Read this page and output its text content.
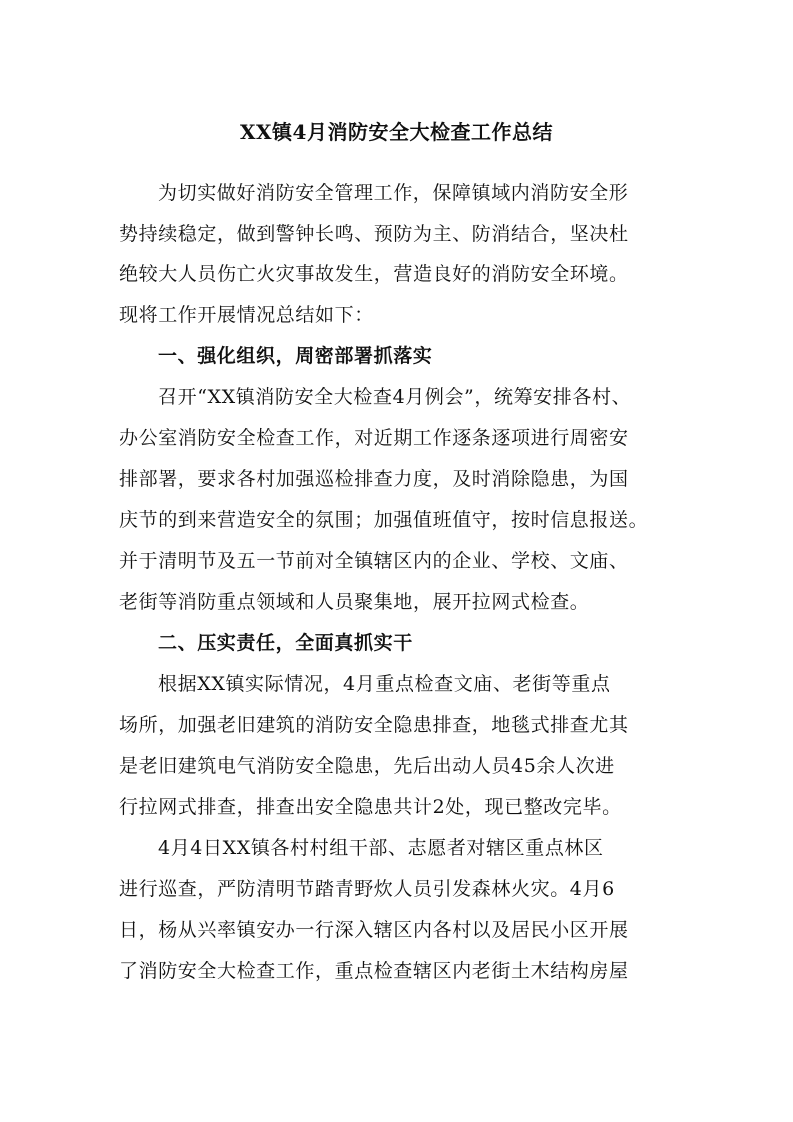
XX镇4月消防安全大检查工作总结
为切实做好消防安全管理工作，保障镇域内消防安全形
势持续稳定，做到警钟长鸣、预防为主、防消结合，坚决杜
绝较大人员伤亡火灾事故发生，营造良好的消防安全环境。
现将工作开展情况总结如下：
一、强化组织，周密部署抓落实
召开“XX镇消防安全大检查4月例会”，统筹安排各村、
办公室消防安全检查工作，对近期工作逐条逐项进行周密安
排部署，要求各村加强巡检排查力度，及时消除隐患，为国
庆节的到来营造安全的氛围；加强值班值守，按时信息报送。
并于清明节及五一节前对全镇辖区内的企业、学校、文庙、
老街等消防重点领域和人员聚集地，展开拉网式检查。
二、压实责任，全面真抓实干
根据XX镇实际情况，4月重点检查文庙、老街等重点
场所，加强老旧建筑的消防安全隐患排查，地毯式排查尤其
是老旧建筑电气消防安全隐患，先后出动人员45余人次进
行拉网式排查，排查出安全隐患共计2处，现已整改完毕。
4月4日XX镇各村村组干部、志愿者对辖区重点林区
进行巡查，严防清明节踏青野炊人员引发森林火灾。4月6
日，杨从兴率镇安办一行深入辖区内各村以及居民小区开展
了消防安全大检查工作，重点检查辖区内老街土木结构房屋
